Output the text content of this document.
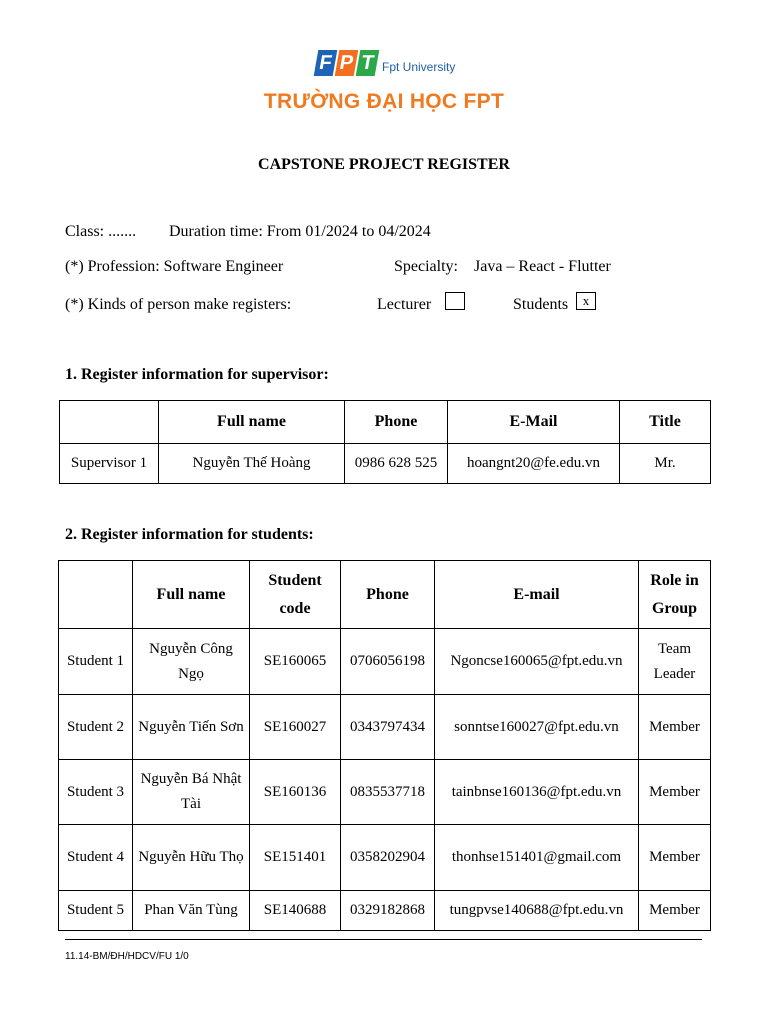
F P T Fpt University
TRƯỜNG ĐẠI HỌC FPT
CAPSTONE PROJECT REGISTER
Class: ....... Duration time: From 01/2024 to 04/2024
(*) Profession: Software Engineer	Specialty: Java – React - Flutter
(*) Kinds of person make registers:	Lecturer	Students	x
1. Register information for supervisor:
	Full name	Phone	E-Mail	Title
Supervisor 1	Nguyễn Thế Hoàng	0986 628 525	hoangnt20@fe.edu.vn	Mr.
2. Register information for students:
	Full name	Student code	Phone	E-mail	Role in Group
Student 1	Nguyễn Công Ngọ	SE160065	0706056198	Ngoncse160065@fpt.edu.vn	Team Leader
Student 2	Nguyễn Tiến Sơn	SE160027	0343797434	sonntse160027@fpt.edu.vn	Member
Student 3	Nguyễn Bá Nhật Tài	SE160136	0835537718	tainbnse160136@fpt.edu.vn	Member
Student 4	Nguyễn Hữu Thọ	SE151401	0358202904	thonhse151401@gmail.com	Member
Student 5	Phan Văn Tùng	SE140688	0329182868	tungpvse140688@fpt.edu.vn	Member
11.14-BM/ĐH/HDCV/FU 1/0
